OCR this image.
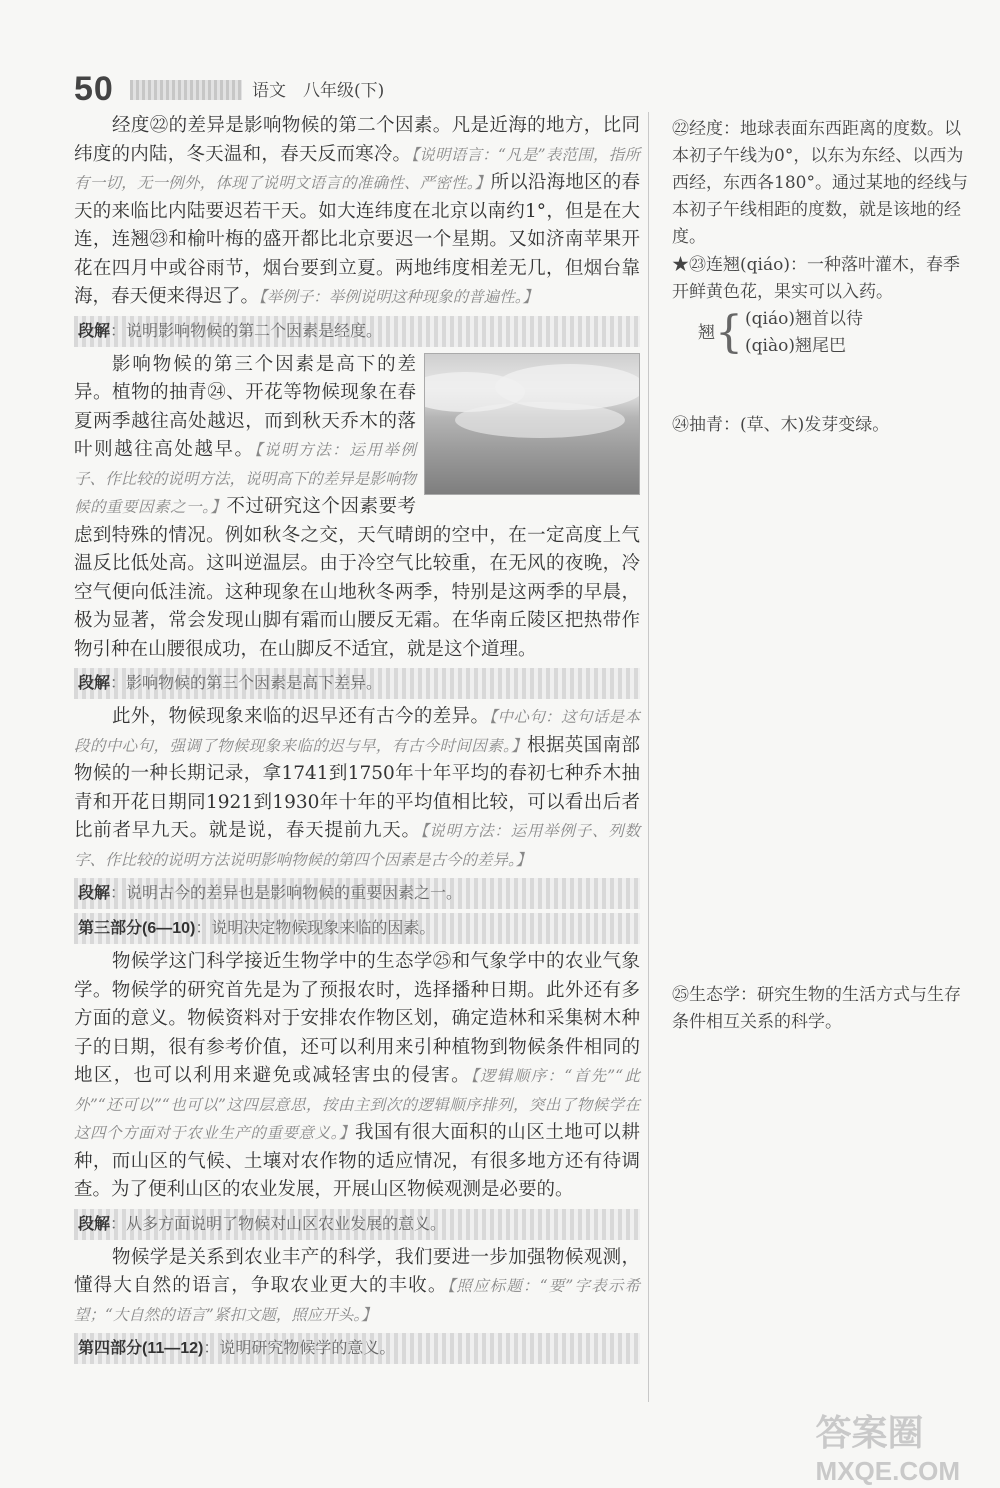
50	语文　八年级(下)

经度㉒的差异是影响物候的第二个因素。凡是近海的地方，比同纬度的内陆，冬天温和，春天反而寒冷。【说明语言：“凡是”表范围，指所有一切，无一例外，体现了说明文语言的准确性、严密性。】所以沿海地区的春天的来临比内陆要迟若干天。如大连纬度在北京以南约1°，但是在大连，连翘㉓和榆叶梅的盛开都比北京要迟一个星期。又如济南苹果开花在四月中或谷雨节，烟台要到立夏。两地纬度相差无几，但烟台靠海，春天便来得迟了。【举例子：举例说明这种现象的普遍性。】

段解：说明影响物候的第二个因素是经度。

影响物候的第三个因素是高下的差异。植物的抽青㉔、开花等物候现象在春夏两季越往高处越迟，而到秋天乔木的落叶则越往高处越早。【说明方法：运用举例子、作比较的说明方法，说明高下的差异是影响物候的重要因素之一。】不过研究这个因素要考虑到特殊的情况。例如秋冬之交，天气晴朗的空中，在一定高度上气温反比低处高。这叫逆温层。由于冷空气比较重，在无风的夜晚，冷空气便向低洼流。这种现象在山地秋冬两季，特别是这两季的早晨，极为显著，常会发现山脚有霜而山腰反无霜。在华南丘陵区把热带作物引种在山腰很成功，在山脚反不适宜，就是这个道理。

段解：影响物候的第三个因素是高下差异。

此外，物候现象来临的迟早还有古今的差异。【中心句：这句话是本段的中心句，强调了物候现象来临的迟与早，有古今时间因素。】根据英国南部物候的一种长期记录，拿1741到1750年十年平均的春初七种乔木抽青和开花日期同1921到1930年十年的平均值相比较，可以看出后者比前者早九天。就是说，春天提前九天。【说明方法：运用举例子、列数字、作比较的说明方法说明影响物候的第四个因素是古今的差异。】

段解：说明古今的差异也是影响物候的重要因素之一。
第三部分(6—10)：说明决定物候现象来临的因素。

物候学这门科学接近生物学中的生态学㉕和气象学中的农业气象学。物候学的研究首先是为了预报农时，选择播种日期。此外还有多方面的意义。物候资料对于安排农作物区划，确定造林和采集树木种子的日期，很有参考价值，还可以利用来引种植物到物候条件相同的地区，也可以利用来避免或减轻害虫的侵害。【逻辑顺序：“首先”“此外”“还可以”“也可以”这四层意思，按由主到次的逻辑顺序排列，突出了物候学在这四个方面对于农业生产的重要意义。】我国有很大面积的山区土地可以耕种，而山区的气候、土壤对农作物的适应情况，有很多地方还有待调查。为了便利山区的农业发展，开展山区物候观测是必要的。

段解：从多方面说明了物候对山区农业发展的意义。

物候学是关系到农业丰产的科学，我们要进一步加强物候观测，懂得大自然的语言，争取农业更大的丰收。【照应标题：“要”字表示希望；“大自然的语言”紧扣文题，照应开头。】

第四部分(11—12)：说明研究物候学的意义。
㉒经度：地球表面东西距离的度数。以本初子午线为0°，以东为东经、以西为西经，东西各180°。通过某地的经线与本初子午线相距的度数，就是该地的经度。
★㉓连翘(qiáo)：一种落叶灌木，春季开鲜黄色花，果实可以入药。
翘 { (qiáo)翘首以待
(qiào)翘尾巴
㉔抽青：(草、木)发芽变绿。
㉕生态学：研究生物的生活方式与生存条件相互关系的科学。
答案圈
MXQE.COM
